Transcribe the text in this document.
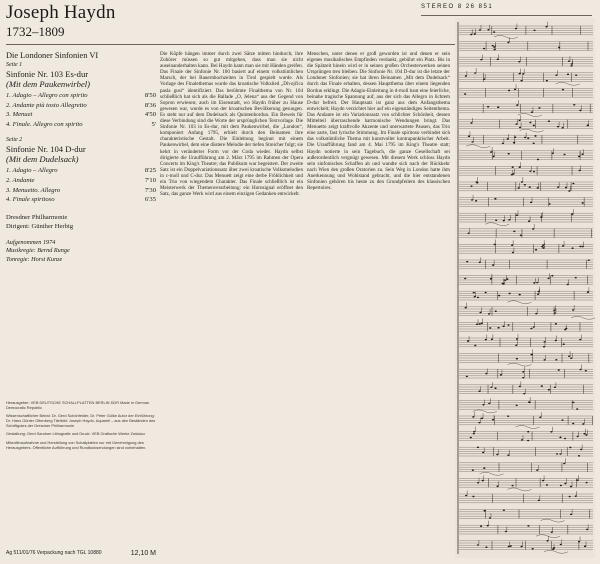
Joseph Haydn
1732–1809
STEREO 8 26 851
Die Londoner Sinfonien VI
Seite 1
Sinfonie Nr. 103 Es-dur
(Mit dem Paukenwirbel)
1. Adagio – Allegro con spirito	8'50
2. Andante più tosto Allegretto	8'36
3. Menuet	4'50
4. Finale. Allegro con spirito	5'
Seite 2
Sinfonie Nr. 104 D-dur
(Mit dem Dudelsack)
1. Adagio – Allegro	8'25
2. Andante	7'10
3. Menuetto. Allegro	7'30
4. Finale spiritoso	6'35
Dresdner Philharmonie
Dirigent: Günther Herbig
Aufgenommen 1974
Musikregie: Bernd Runge
Tonregie: Horst Kunze

Herausgeber: VEB DEUTSCHE SCHALLPLATTEN BERLIN DDR Made in German Democratic Republic

Wissenschaftlicher Beirat: Dr. Gerd Schönfelder, Dr. Peter Gülke Autor der Einführung: Dr. Hans Günter Ottenberg Titelbild: Joseph Haydn, Aquarell – aus den Beständen des Schriftgutes der Dresdner Philharmonie

Gestaltung: Gerd Sandner Lithografie und Druck: VEB Grafische Werke Zwickau

Mikrofilmaufnahme und Herstellung von Schallplatten nur mit Genehmigung des Herausgebers. Öffentliche Aufführung und Rundfunksendungen sind vorbehalten.

Ag 511/01/76 Verpackung nach TGL 10880	12,10 M

Die Köpfe hängen immer durch zwei Sätze mitten hindurch; ihre Zuhörer müssen so gut mitgehen, dass man sie nicht auseinanderhalten kann. Bei Haydn kann man sie mit Händen greifen. Das Finale der Sinfonie Nr. 100 basiert auf einem volkstümlichen Marsch, der bei Bauernhochzeiten in Tirol gespielt wurde. Als Vorlage des Finalethemas wurde das kroatische Volkslied „Divojčica pasla gusi“ identifiziert. Das berühmte Finalthema von Nr. 104 schließlich hat sich als die Ballade „O, Jelena“ aus der Gegend von Sopron erwiesen; auch im Eisenstadt, wo Haydn früher zu Hause gewesen war, wurde es von der kroatischen Bevölkerung gesungen. Es steht nur auf dem Dudelsack als Quintenbordun. Ein Beweis für diese Verbindung sind die Worte der ursprünglichen Textvorlage. Die Sinfonie Nr. 103 in Es-dur, mit dem Paukenwirbel, die „London“, komponiert Anfang 1795, erhielt durch den Beinamen ihre charakteristische Gestalt. Die Einleitung beginnt mit einem Paukenwirbel, dem eine düstere Melodie der tiefen Streicher folgt; sie kehrt in veränderter Form vor der Coda wieder. Haydn selbst dirigierte die Uraufführung am 2. März 1795 im Rahmen der Opera Concerts im King's Theatre; das Publikum war begeistert. Der zweite Satz ist ein Doppelvariationssatz über zwei kroatische Volksmelodien in c-moll und C-dur. Das Menuett zeigt eine derbe Fröhlichkeit und ein Trio von wiegendem Charakter. Das Finale schließlich ist ein Meisterwerk der Themenverarbeitung: ein Hornsignal eröffnet den Satz, das ganze Werk wird aus einem einzigen Gedanken entwickelt.

Menschen, unter denen er groß geworden ist und denen er sein eigenes musikalisches Empfinden verdankt, gebührt ein Platz. Bis in die Spätzeit hinein wird er in seinen großen Orchesterwerken seinen Ursprüngen treu bleiben. Die Sinfonie Nr. 104 D-dur ist die letzte der Londoner Sinfonien; sie hat ihren Beinamen „Mit dem Dudelsack“ durch das Finale erhalten, dessen Hauptthema über einem liegenden Bordun erklingt. Die Adagio-Einleitung in d-moll baut eine feierliche, beinahe tragische Spannung auf, aus der sich das Allegro in lichtem D-dur befreit. Der Hauptsatz ist ganz aus dem Anfangsthema entwickelt; Haydn verzichtet hier auf ein eigenständiges Seitenthema. Das Andante ist ein Variationssatz von schlichter Schönheit, dessen Mittelteil überraschende harmonische Wendungen bringt. Das Menuetto zeigt kraftvolle Akzente und unerwartete Pausen, das Trio eine zarte, fast lyrische Stimmung. Im Finale spiritoso verbindet sich das volkstümliche Thema mit kunstvoller kontrapunktischer Arbeit. Die Uraufführung fand am 4. Mai 1795 im King's Theatre statt; Haydn notierte in sein Tagebuch, die ganze Gesellschaft sei außerordentlich vergnügt gewesen. Mit diesem Werk schloss Haydn sein sinfonisches Schaffen ab und wandte sich nach der Rückkehr nach Wien den großen Oratorien zu. Sein Weg in London hatte ihm Anerkennung und Wohlstand gebracht, und die hier entstandenen Sinfonien gehören bis heute zu den Grundpfeilern des klassischen Repertoires.
